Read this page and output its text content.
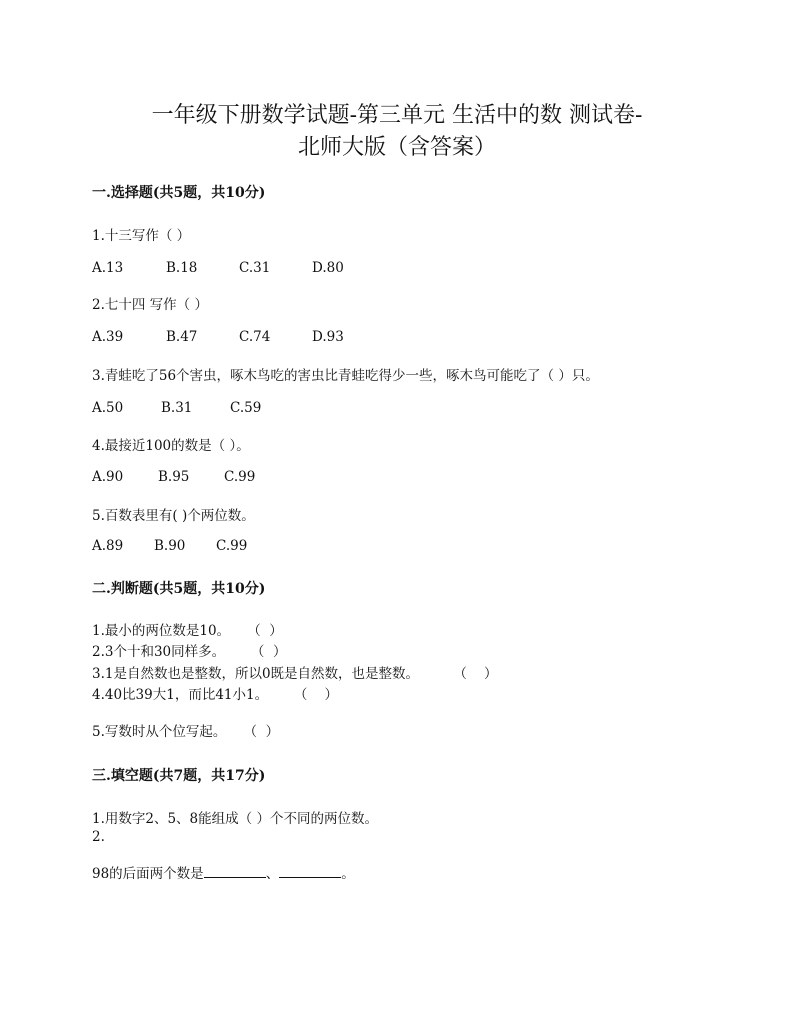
一年级下册数学试题-第三单元 生活中的数 测试卷-
北师大版（含答案）
一.选择题(共5题，共10分)
1.十三写作（ ）
A.13	B.18	C.31	D.80
2.七十四 写作（ ）
A.39	B.47	C.74	D.93
3.青蛙吃了56个害虫，啄木鸟吃的害虫比青蛙吃得少一些，啄木鸟可能吃了（ ）只。
A.50	B.31	C.59
4.最接近100的数是（ ）。
A.90	B.95	C.99
5.百数表里有( )个两位数。
A.89 B.90 C.99
二.判断题(共5题，共10分)
1.最小的两位数是10。    （  ）
2.3个十和30同样多。      （  ）
3.1是自然数也是整数，所以0既是自然数，也是整数。        （    ）
4.40比39大1，而比41小1。      （    ）
5.写数时从个位写起。    （  ）
三.填空题(共7题，共17分)
1.用数字2、5、8能组成（ ）个不同的两位数。
2.
98的后面两个数是	、	。
